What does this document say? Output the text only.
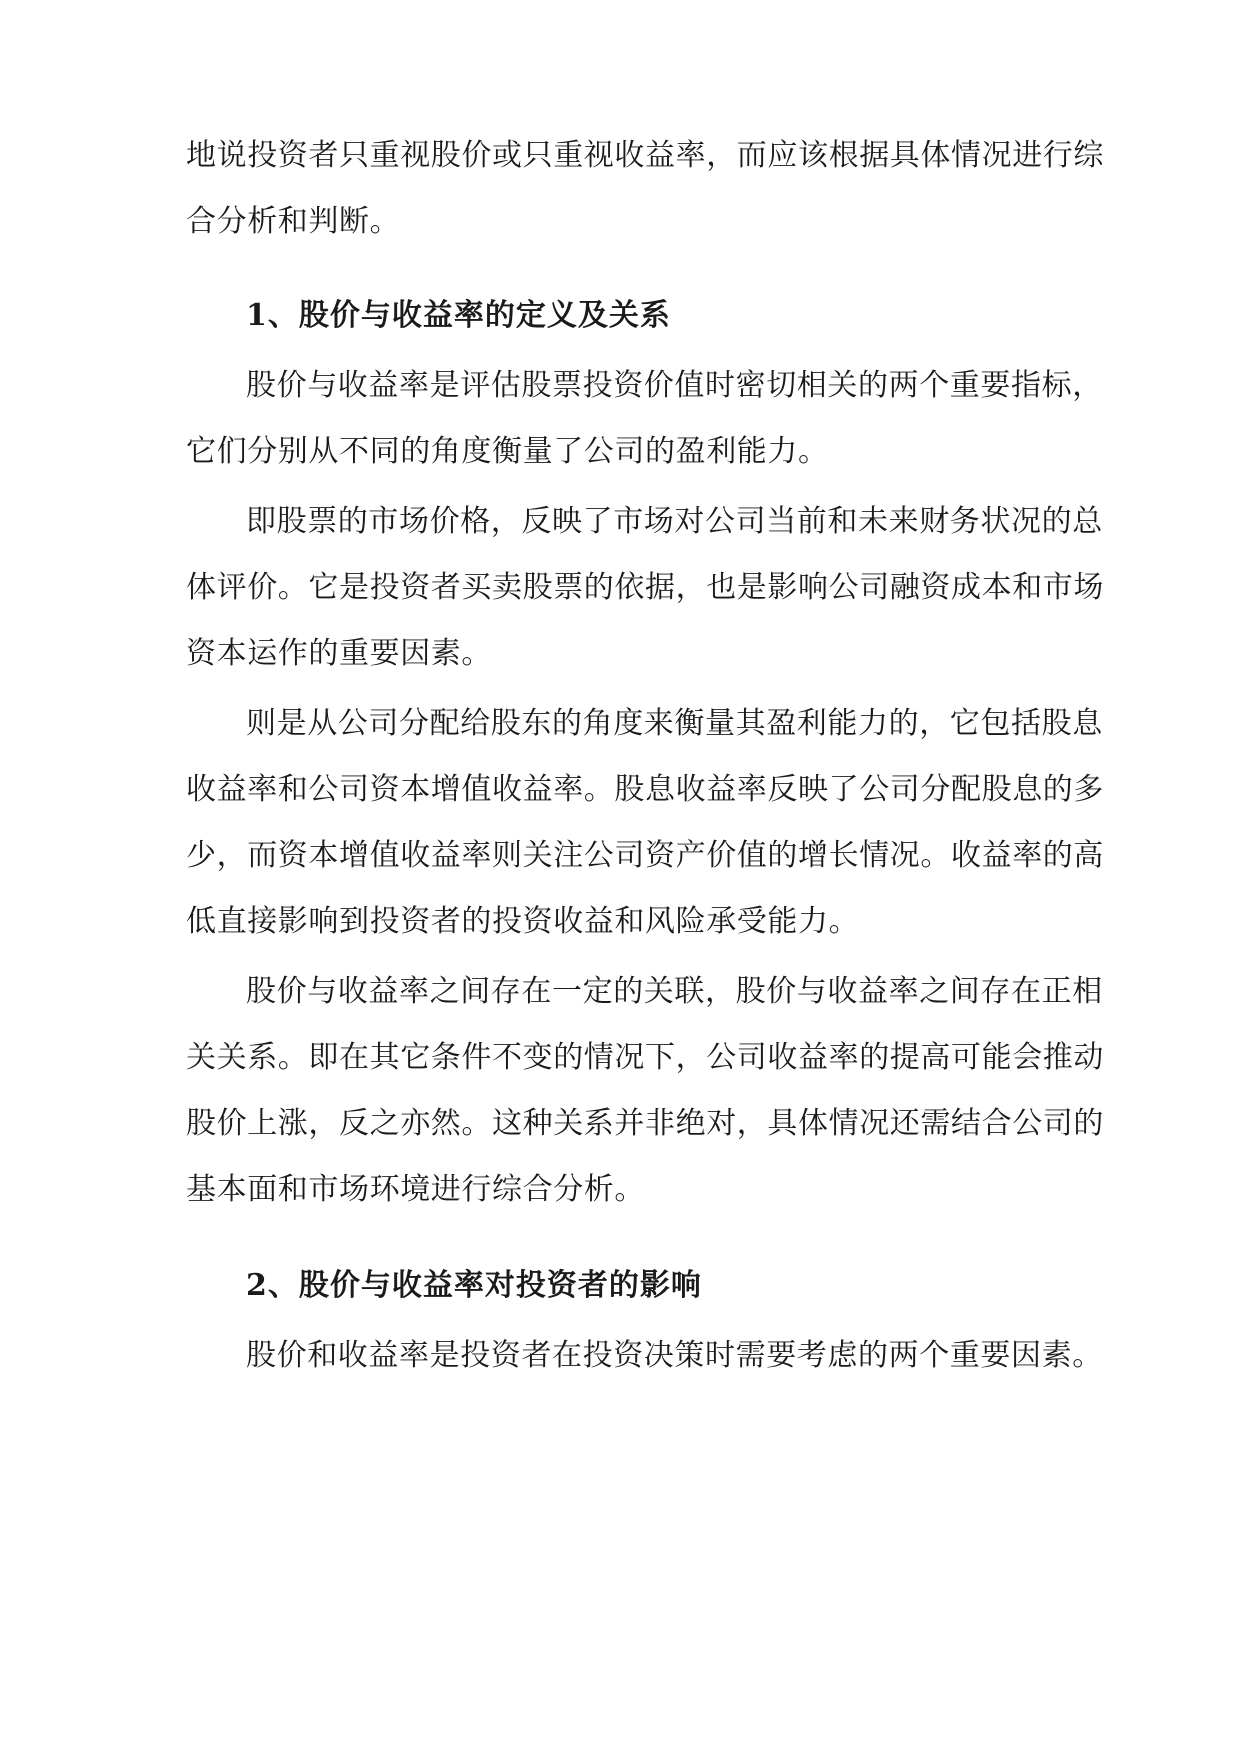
地说投资者只重视股价或只重视收益率，而应该根据具体情况进行综
合分析和判断。
1、股价与收益率的定义及关系
股价与收益率是评估股票投资价值时密切相关的两个重要指标，
它们分别从不同的角度衡量了公司的盈利能力。
即股票的市场价格，反映了市场对公司当前和未来财务状况的总
体评价。它是投资者买卖股票的依据，也是影响公司融资成本和市场
资本运作的重要因素。
则是从公司分配给股东的角度来衡量其盈利能力的，它包括股息
收益率和公司资本增值收益率。股息收益率反映了公司分配股息的多
少，而资本增值收益率则关注公司资产价值的增长情况。收益率的高
低直接影响到投资者的投资收益和风险承受能力。
股价与收益率之间存在一定的关联，股价与收益率之间存在正相
关关系。即在其它条件不变的情况下，公司收益率的提高可能会推动
股价上涨，反之亦然。这种关系并非绝对，具体情况还需结合公司的
基本面和市场环境进行综合分析。
2、股价与收益率对投资者的影响
股价和收益率是投资者在投资决策时需要考虑的两个重要因素。
